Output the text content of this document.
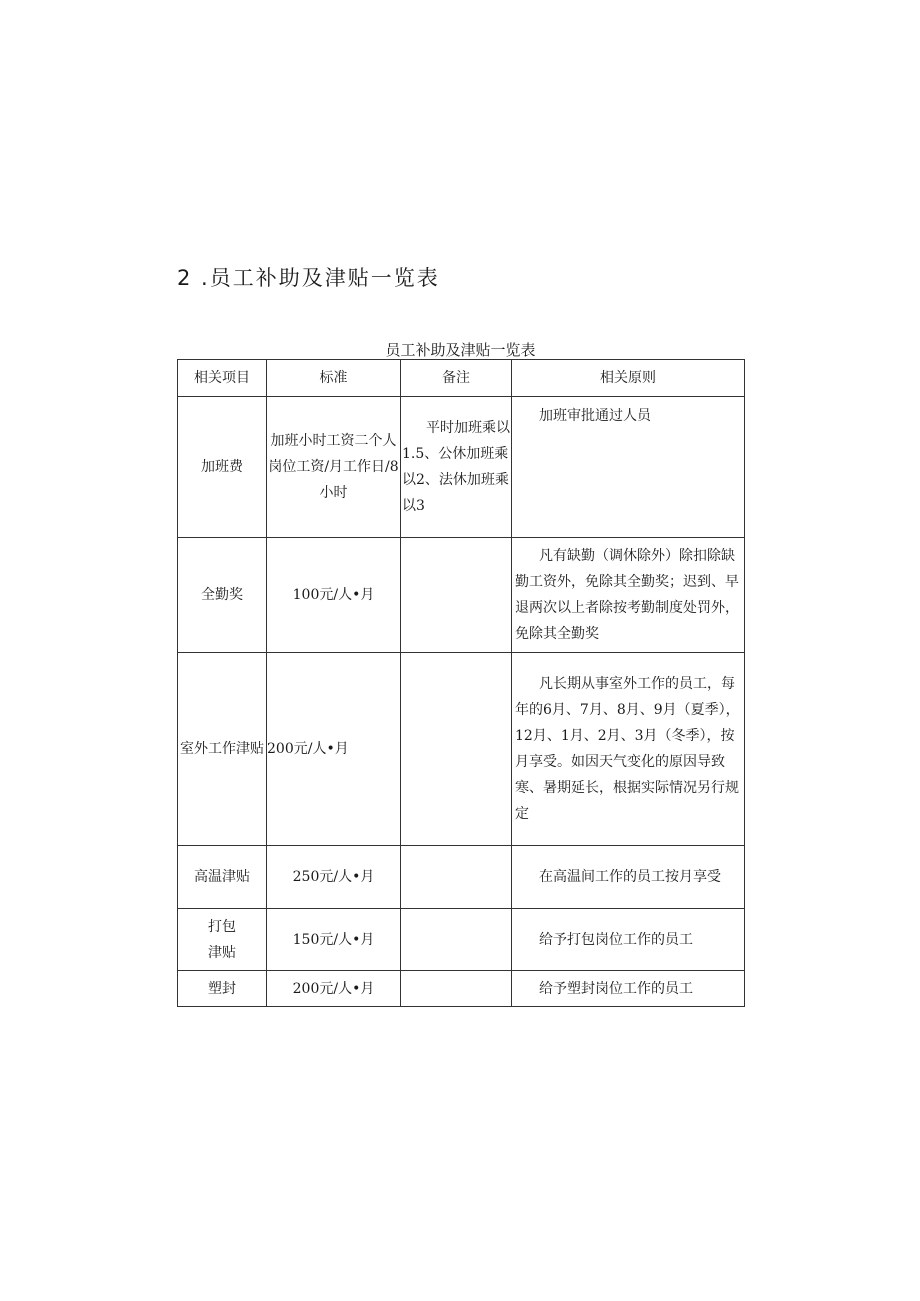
2 .员工补助及津贴一览表
员工补助及津贴一览表
相关项目	标准	备注	相关原则
加班费	加班小时工资二个人岗位工资/月工作日/8小时	平时加班乘以1.5、公休加班乘以2、法休加班乘以3	加班审批通过人员
全勤奖	100元/人•月		凡有缺勤（调休除外）除扣除缺勤工资外，免除其全勤奖；迟到、早退两次以上者除按考勤制度处罚外，免除其全勤奖
室外工作津贴	200元/人•月		凡长期从事室外工作的员工，每年的6月、7月、8月、9月（夏季），12月、1月、2月、3月（冬季），按月享受。如因天气变化的原因导致寒、暑期延长，根据实际情况另行规定
高温津贴	250元/人•月		在高温间工作的员工按月享受
打包津贴	150元/人•月		给予打包岗位工作的员工
塑封	200元/人•月		给予塑封岗位工作的员工
